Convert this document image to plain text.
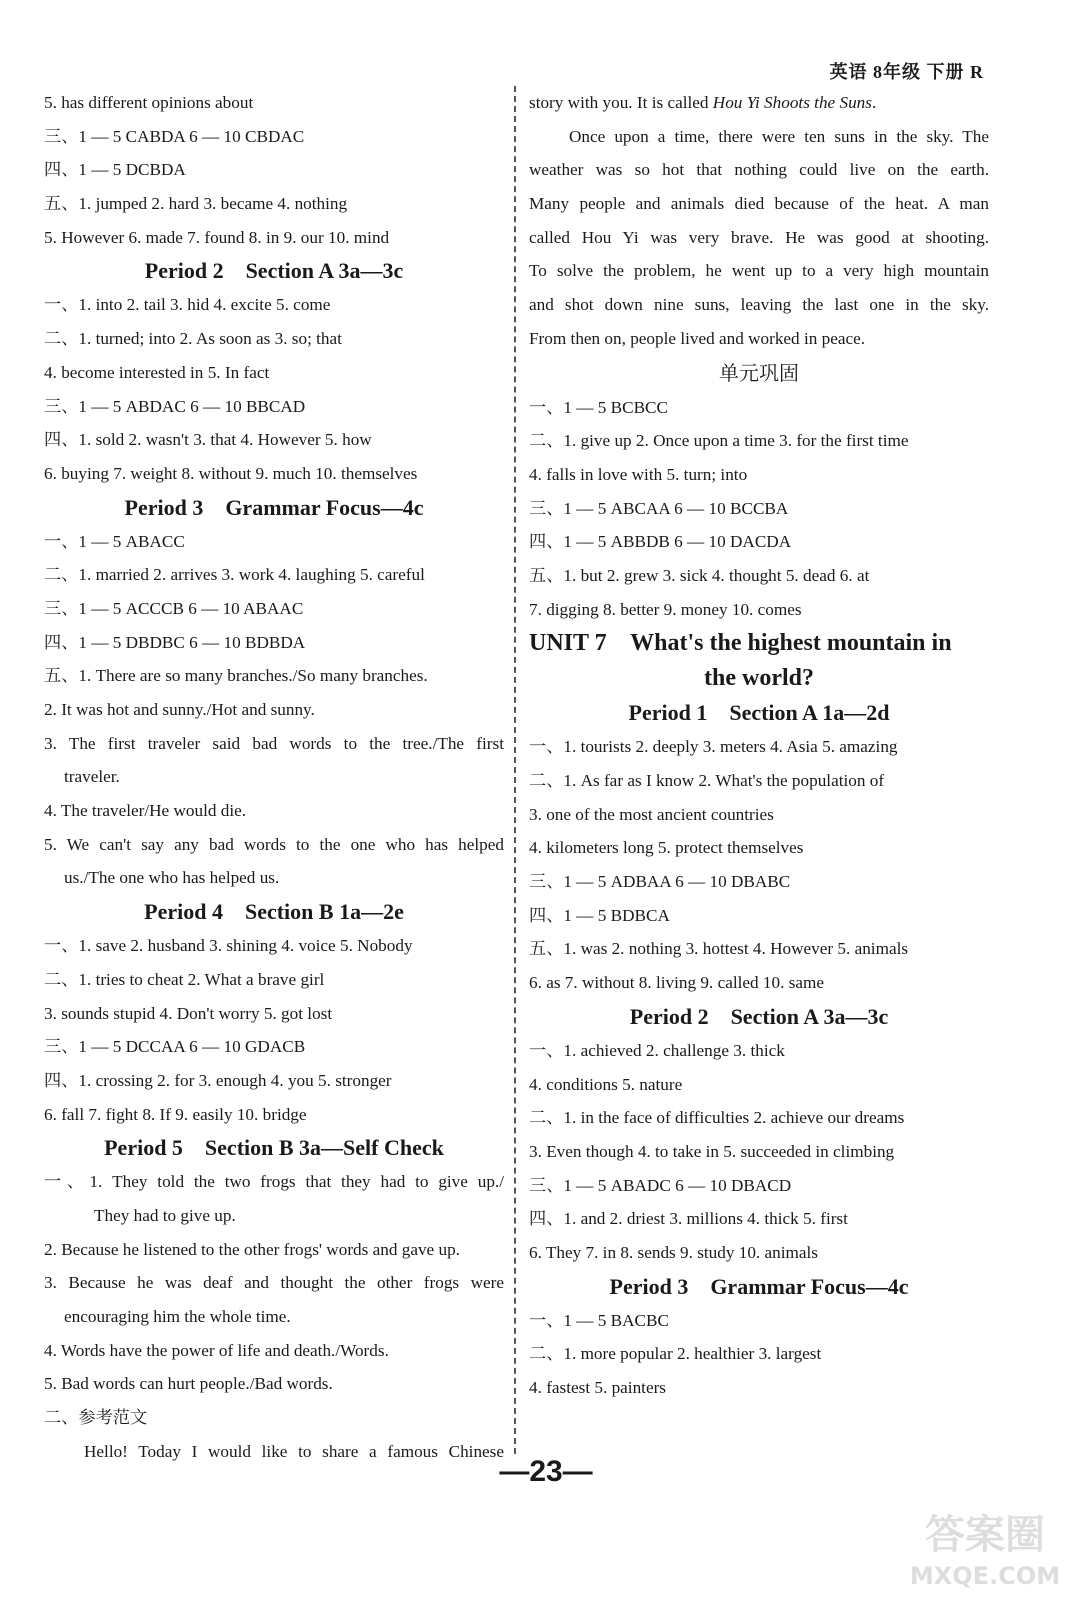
英语 8年级 下册 R
5. has different opinions about
三、1 — 5 CABDA 6 — 10 CBDAC
四、1 — 5 DCBDA
五、1. jumped 2. hard 3. became 4. nothing
5. However 6. made 7. found 8. in 9. our 10. mind
Period 2    Section A 3a—3c
一、1. into 2. tail 3. hid 4. excite 5. come
二、1. turned; into 2. As soon as 3. so; that
4. become interested in 5. In fact
三、1 — 5 ABDAC 6 — 10 BBCAD
四、1. sold 2. wasn't 3. that 4. However 5. how
6. buying 7. weight 8. without 9. much 10. themselves
Period 3    Grammar Focus—4c
一、1 — 5 ABACC
二、1. married 2. arrives 3. work 4. laughing 5. careful
三、1 — 5 ACCCB 6 — 10 ABAAC
四、1 — 5 DBDBC 6 — 10 BDBDA
五、1. There are so many branches./So many branches.
2. It was hot and sunny./Hot and sunny.
3. The first traveler said bad words to the tree./The first
traveler.
4. The traveler/He would die.
5. We can't say any bad words to the one who has helped
us./The one who has helped us.
Period 4    Section B 1a—2e
一、1. save 2. husband 3. shining 4. voice 5. Nobody
二、1. tries to cheat 2. What a brave girl
3. sounds stupid 4. Don't worry 5. got lost
三、1 — 5 DCCAA 6 — 10 GDACB
四、1. crossing 2. for 3. enough 4. you 5. stronger
6. fall 7. fight 8. If 9. easily 10. bridge
Period 5    Section B 3a—Self Check
一、1. They told the two frogs that they had to give up./
They had to give up.
2. Because he listened to the other frogs' words and gave up.
3. Because he was deaf and thought the other frogs were
encouraging him the whole time.
4. Words have the power of life and death./Words.
5. Bad words can hurt people./Bad words.
二、参考范文
Hello! Today I would like to share a famous Chinese
story with you. It is called Hou Yi Shoots the Suns.
Once upon a time, there were ten suns in the sky. The
weather was so hot that nothing could live on the earth.
Many people and animals died because of the heat. A man
called Hou Yi was very brave. He was good at shooting.
To solve the problem, he went up to a very high mountain
and shot down nine suns, leaving the last one in the sky.
From then on, people lived and worked in peace.
单元巩固
一、1 — 5 BCBCC
二、1. give up 2. Once upon a time 3. for the first time
4. falls in love with 5. turn; into
三、1 — 5 ABCAA 6 — 10 BCCBA
四、1 — 5 ABBDB 6 — 10 DACDA
五、1. but 2. grew 3. sick 4. thought 5. dead 6. at
7. digging 8. better 9. money 10. comes
UNIT 7    What's the highest mountain in
the world?
Period 1    Section A 1a—2d
一、1. tourists 2. deeply 3. meters 4. Asia 5. amazing
二、1. As far as I know 2. What's the population of
3. one of the most ancient countries
4. kilometers long 5. protect themselves
三、1 — 5 ADBAA 6 — 10 DBABC
四、1 — 5 BDBCA
五、1. was 2. nothing 3. hottest 4. However 5. animals
6. as 7. without 8. living 9. called 10. same
Period 2    Section A 3a—3c
一、1. achieved 2. challenge 3. thick
4. conditions 5. nature
二、1. in the face of difficulties 2. achieve our dreams
3. Even though 4. to take in 5. succeeded in climbing
三、1 — 5 ABADC 6 — 10 DBACD
四、1. and 2. driest 3. millions 4. thick 5. first
6. They 7. in 8. sends 9. study 10. animals
Period 3    Grammar Focus—4c
一、1 — 5 BACBC
二、1. more popular 2. healthier 3. largest
4. fastest 5. painters
—23—
答案圈
MXQE.COM
